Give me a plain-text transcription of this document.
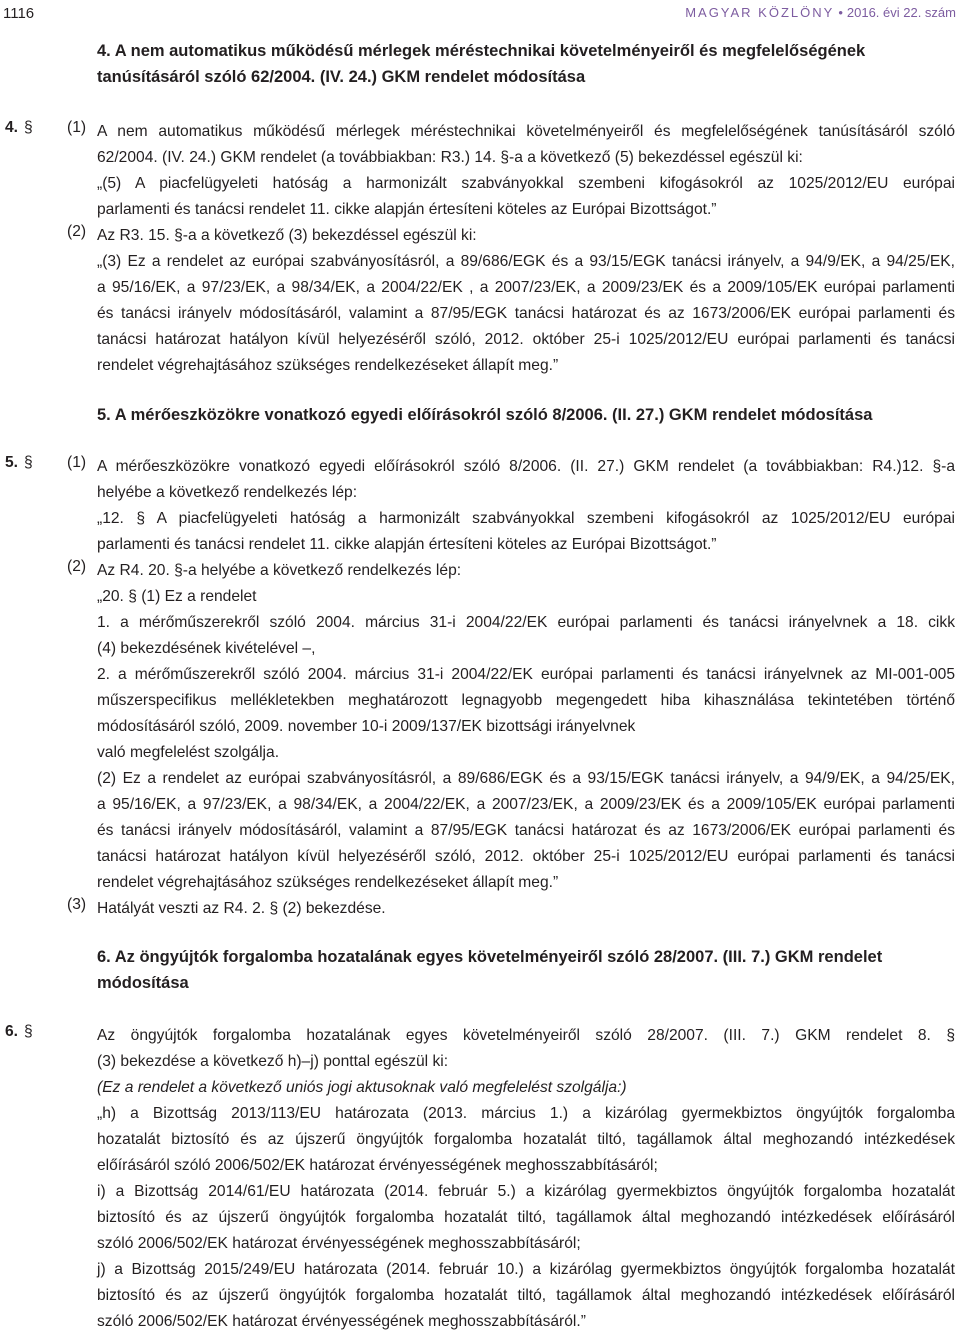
1116	MAGYAR KÖZLÖNY • 2016. évi 22. szám
4. A nem automatikus működésű mérlegek méréstechnikai követelményeiről és megfelelőségének
tanúsításáról szóló 62/2004. (IV. 24.) GKM rendelet módosítása
4. § (1) A nem automatikus működésű mérlegek méréstechnikai követelményeiről és megfelelőségének tanúsításáról szóló
62/2004. (IV. 24.) GKM rendelet (a továbbiakban: R3.) 14. §-a a következő (5) bekezdéssel egészül ki:
„(5) A piacfelügyeleti hatóság a harmonizált szabványokkal szembeni kifogásokról az 1025/2012/EU európai
parlamenti és tanácsi rendelet 11. cikke alapján értesíteni köteles az Európai Bizottságot.”
(2) Az R3. 15. §-a a következő (3) bekezdéssel egészül ki:
„(3) Ez a rendelet az európai szabványosításról, a 89/686/EGK és a 93/15/EGK tanácsi irányelv, a 94/9/EK, a 94/25/EK,
a 95/16/EK, a 97/23/EK, a 98/34/EK, a 2004/22/EK , a 2007/23/EK, a 2009/23/EK és a 2009/105/EK európai parlamenti
és tanácsi irányelv módosításáról, valamint a 87/95/EGK tanácsi határozat és az 1673/2006/EK európai parlamenti és
tanácsi határozat hatályon kívül helyezéséről szóló, 2012. október 25-i 1025/2012/EU európai parlamenti és tanácsi
rendelet végrehajtásához szükséges rendelkezéseket állapít meg.”
5. A mérőeszközökre vonatkozó egyedi előírásokról szóló 8/2006. (II. 27.) GKM rendelet módosítása
5. § (1) A mérőeszközökre vonatkozó egyedi előírásokról szóló 8/2006. (II. 27.) GKM rendelet (a továbbiakban: R4.)12. §-a
helyébe a következő rendelkezés lép:
„12. § A piacfelügyeleti hatóság a harmonizált szabványokkal szembeni kifogásokról az 1025/2012/EU európai
parlamenti és tanácsi rendelet 11. cikke alapján értesíteni köteles az Európai Bizottságot.”
(2) Az R4. 20. §-a helyébe a következő rendelkezés lép:
„20. § (1) Ez a rendelet
1. a mérőműszerekről szóló 2004. március 31-i 2004/22/EK európai parlamenti és tanácsi irányelvnek a 18. cikk
(4) bekezdésének kivételével –,
2. a mérőműszerekről szóló 2004. március 31-i 2004/22/EK európai parlamenti és tanácsi irányelvnek az MI-001-005
műszerspecifikus mellékletekben meghatározott legnagyobb megengedett hiba kihasználása tekintetében történő
módosításáról szóló, 2009. november 10-i 2009/137/EK bizottsági irányelvnek
való megfelelést szolgálja.
(2) Ez a rendelet az európai szabványosításról, a 89/686/EGK és a 93/15/EGK tanácsi irányelv, a 94/9/EK, a 94/25/EK,
a 95/16/EK, a 97/23/EK, a 98/34/EK, a 2004/22/EK, a 2007/23/EK, a 2009/23/EK és a 2009/105/EK európai parlamenti
és tanácsi irányelv módosításáról, valamint a 87/95/EGK tanácsi határozat és az 1673/2006/EK európai parlamenti és
tanácsi határozat hatályon kívül helyezéséről szóló, 2012. október 25-i 1025/2012/EU európai parlamenti és tanácsi
rendelet végrehajtásához szükséges rendelkezéseket állapít meg.”
(3) Hatályát veszti az R4. 2. § (2) bekezdése.
6. Az öngyújtók forgalomba hozatalának egyes követelményeiről szóló 28/2007. (III. 7.) GKM rendelet
módosítása
6. §	Az öngyújtók forgalomba hozatalának egyes követelményeiről szóló 28/2007. (III. 7.) GKM rendelet 8. §
(3) bekezdése a következő h)–j) ponttal egészül ki:
(Ez a rendelet a következő uniós jogi aktusoknak való megfelelést szolgálja:)
„h) a Bizottság 2013/113/EU határozata (2013. március 1.) a kizárólag gyermekbiztos öngyújtók forgalomba
hozatalát biztosító és az újszerű öngyújtók forgalomba hozatalát tiltó, tagállamok által meghozandó intézkedések
előírásáról szóló 2006/502/EK határozat érvényességének meghosszabbításáról;
i) a Bizottság 2014/61/EU határozata (2014. február 5.) a kizárólag gyermekbiztos öngyújtók forgalomba hozatalát
biztosító és az újszerű öngyújtók forgalomba hozatalát tiltó, tagállamok által meghozandó intézkedések előírásáról
szóló 2006/502/EK határozat érvényességének meghosszabbításáról;
j) a Bizottság 2015/249/EU határozata (2014. február 10.) a kizárólag gyermekbiztos öngyújtók forgalomba hozatalát
biztosító és az újszerű öngyújtók forgalomba hozatalát tiltó, tagállamok által meghozandó intézkedések előírásáról
szóló 2006/502/EK határozat érvényességének meghosszabbításáról.”
